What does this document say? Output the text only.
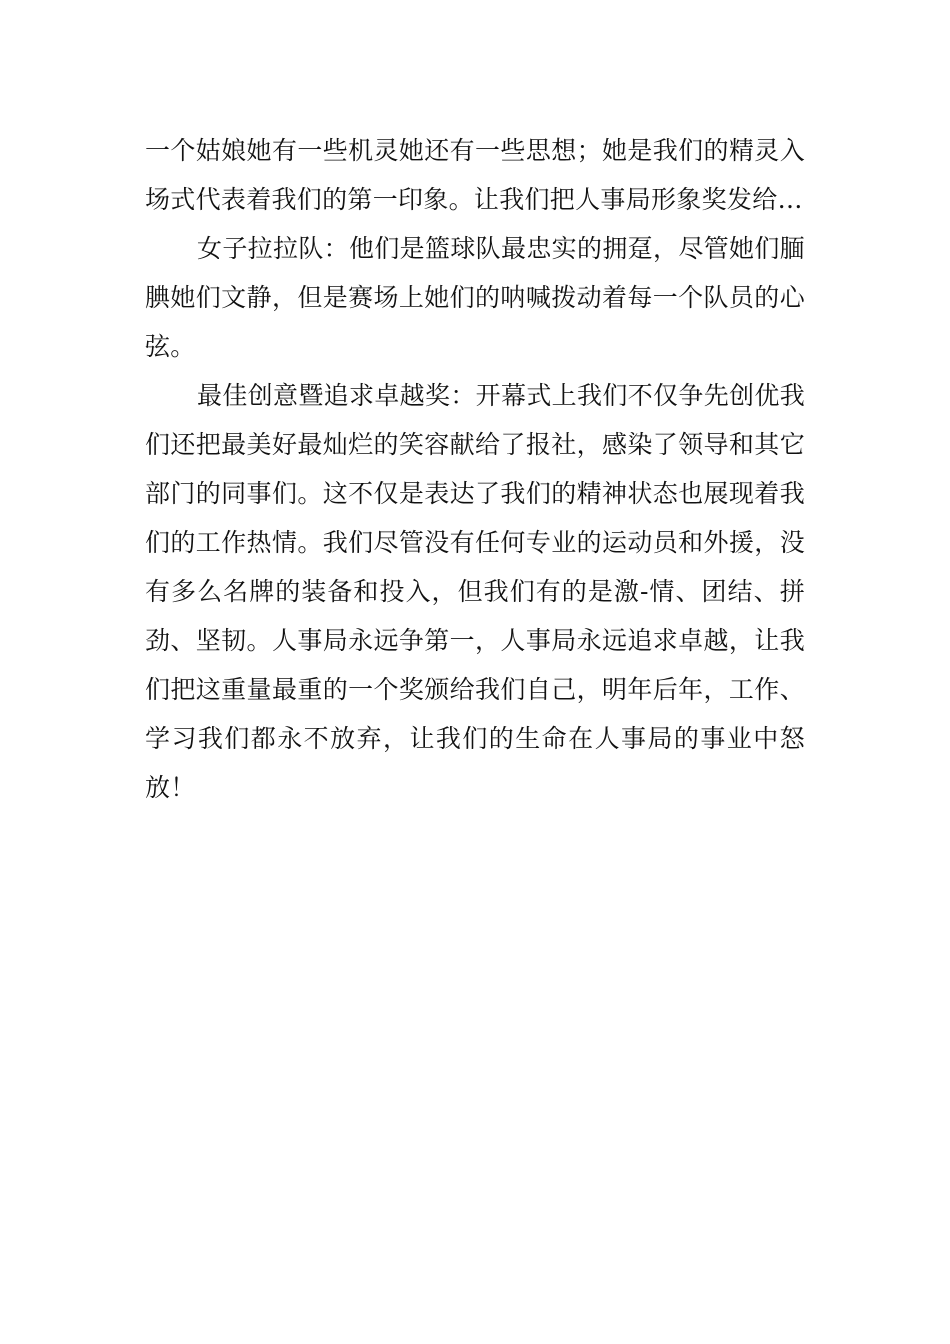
一个姑娘她有一些机灵她还有一些思想；她是我们的精灵入场式代表着我们的第一印象。让我们把人事局形象奖发给…

女子拉拉队：他们是篮球队最忠实的拥趸，尽管她们腼腆她们文静，但是赛场上她们的呐喊拨动着每一个队员的心弦。

最佳创意暨追求卓越奖：开幕式上我们不仅争先创优我们还把最美好最灿烂的笑容献给了报社，感染了领导和其它部门的同事们。这不仅是表达了我们的精神状态也展现着我们的工作热情。我们尽管没有任何专业的运动员和外援，没有多么名牌的装备和投入，但我们有的是激-情、团结、拼劲、坚韧。人事局永远争第一，人事局永远追求卓越，让我们把这重量最重的一个奖颁给我们自己，明年后年，工作、学习我们都永不放弃，让我们的生命在人事局的事业中怒放！
